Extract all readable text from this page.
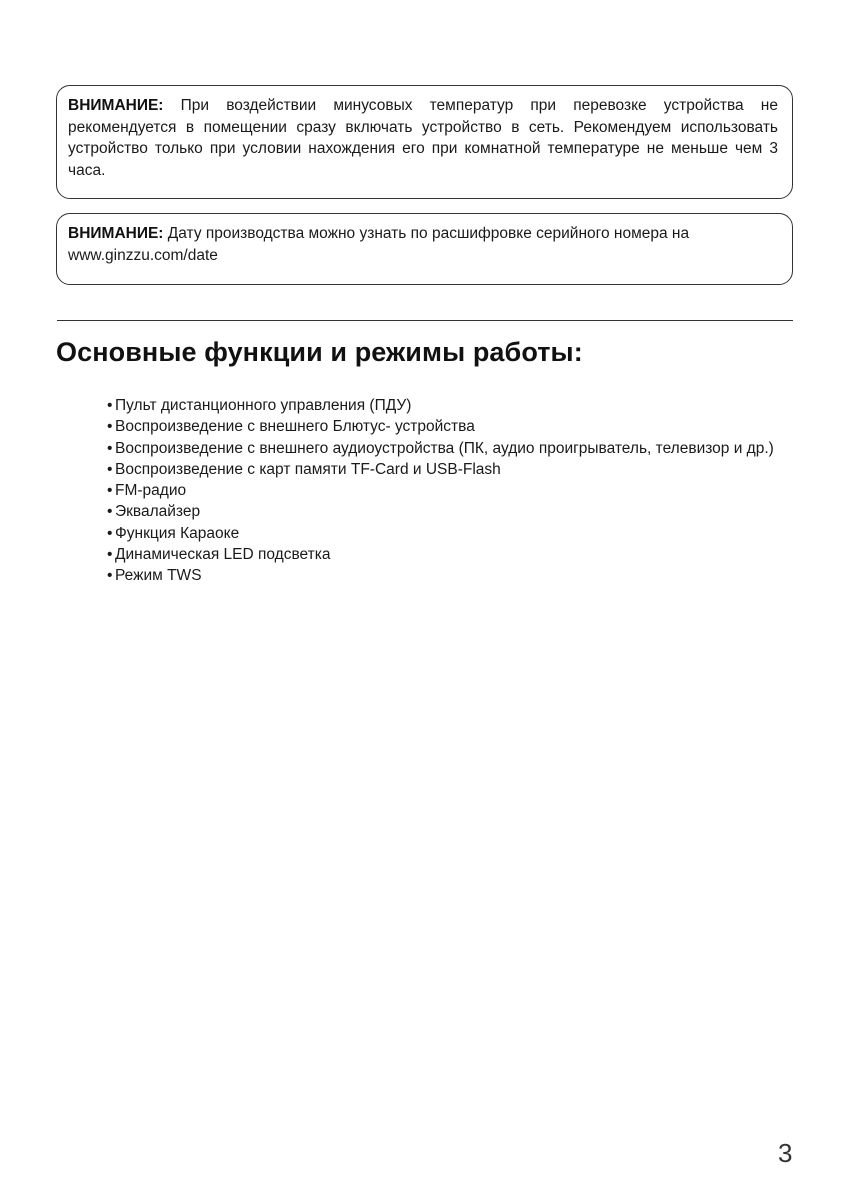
ВНИМАНИЕ: При воздействии минусовых температур при перевозке устройства не рекомендуется в помещении сразу включать устройство в сеть. Рекомендуем использовать устройство только при условии нахождения его при комнатной температуре не меньше чем 3 часа.
ВНИМАНИЕ: Дату производства можно узнать по расшифровке серийного номера на www.ginzzu.com/date
Основные функции и режимы работы:
• Пульт дистанционного управления (ПДУ)
• Воспроизведение с внешнего Блютус- устройства
• Воспроизведение с внешнего аудиоустройства (ПК, аудио проигрыватель, телевизор и др.)
• Воспроизведение с карт памяти TF-Card и USB-Flash
• FM-радио
• Эквалайзер
• Функция Караоке
• Динамическая LED подсветка
• Режим TWS
3
